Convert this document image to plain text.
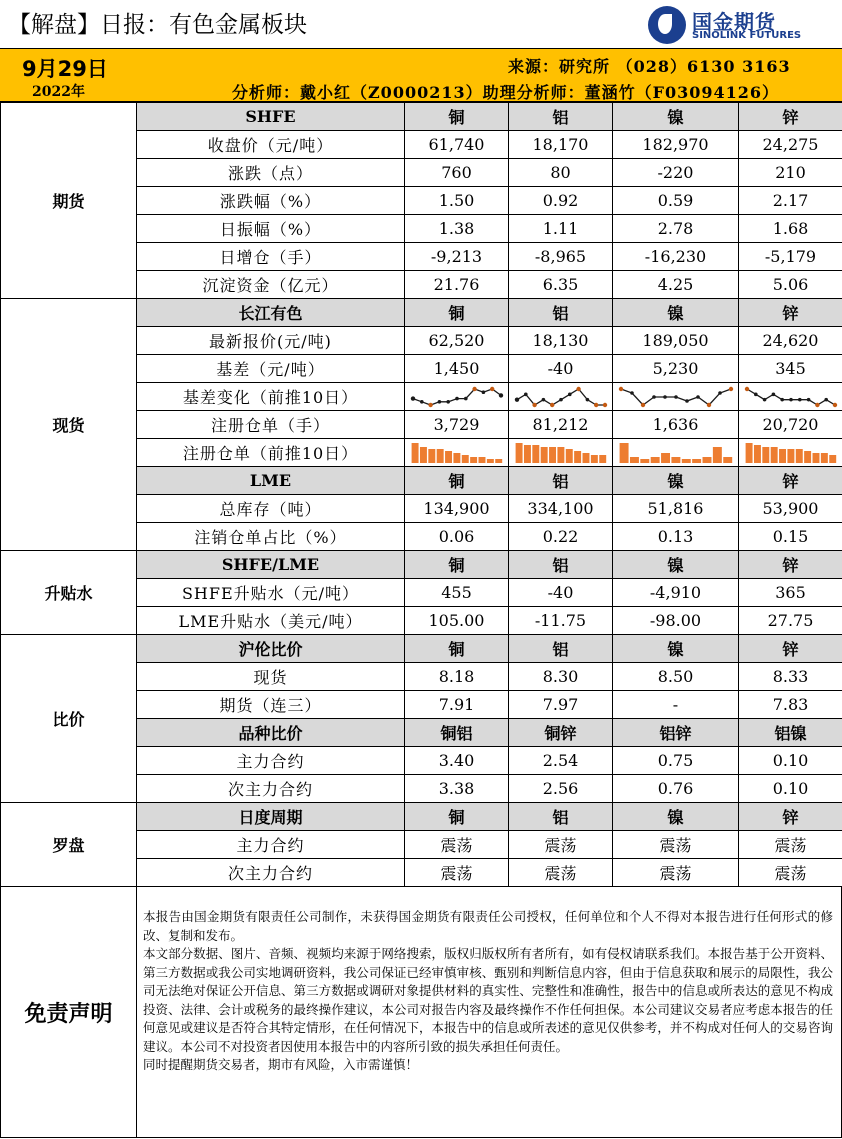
【解盘】日报：有色金属板块	国金期货
SINOLINK FUTURES
9月29日
2022年
来源：研究所 （028）6130 3163
分析师：戴小红（Z0000213）助理分析师：董涵竹（F03094126）
期货	SHFE	铜	铝	镍	锌
	收盘价（元/吨）	61,740	18,170	182,970	24,275
	涨跌（点）	760	80	-220	210
	涨跌幅（%）	1.50	0.92	0.59	2.17
	日振幅（%）	1.38	1.11	2.78	1.68
	日增仓（手）	-9,213	-8,965	-16,230	-5,179
	沉淀资金（亿元）	21.76	6.35	4.25	5.06
现货	长江有色	铜	铝	镍	锌
	最新报价(元/吨)	62,520	18,130	189,050	24,620
	基差（元/吨）	1,450	-40	5,230	345
	基差变化（前推10日）	

	注册仓单（手）	3,729	81,212	1,636	20,720
	注册仓单（前推10日）	

	LME	铜	铝	镍	锌
	总库存（吨）	134,900	334,100	51,816	53,900
	注销仓单占比（%）	0.06	0.22	0.13	0.15
升贴水	SHFE/LME	铜	铝	镍	锌
	SHFE升贴水（元/吨）	455	-40	-4,910	365
	LME升贴水（美元/吨）	105.00	-11.75	-98.00	27.75
比价	沪伦比价	铜	铝	镍	锌
	现货	8.18	8.30	8.50	8.33
	期货（连三）	7.91	7.97	-	7.83
	品种比价	铜铝	铜锌	铝锌	铝镍
	主力合约	3.40	2.54	0.75	0.10
	次主力合约	3.38	2.56	0.76	0.10
罗盘	日度周期	铜	铝	镍	锌
	主力合约	震荡	震荡	震荡	震荡
	次主力合约	震荡	震荡	震荡	震荡
免责声明

本报告由国金期货有限责任公司制作，未获得国金期货有限责任公司授权，任何单位和个人不得对本报告进行任何形式的修改、复制和发布。

本文部分数据、图片、音频、视频均来源于网络搜索，版权归版权所有者所有，如有侵权请联系我们。本报告基于公开资料、第三方数据或我公司实地调研资料，我公司保证已经审慎审核、甄别和判断信息内容，但由于信息获取和展示的局限性，我公司无法绝对保证公开信息、第三方数据或调研对象提供材料的真实性、完整性和准确性，报告中的信息或所表达的意见不构成投资、法律、会计或税务的最终操作建议，本公司对报告内容及最终操作不作任何担保。本公司建议交易者应考虑本报告的任何意见或建议是否符合其特定情形，在任何情况下，本报告中的信息或所表述的意见仅供参考，并不构成对任何人的交易咨询建议。本公司不对投资者因使用本报告中的内容所引致的损失承担任何责任。

同时提醒期货交易者，期市有风险，入市需谨慎！
